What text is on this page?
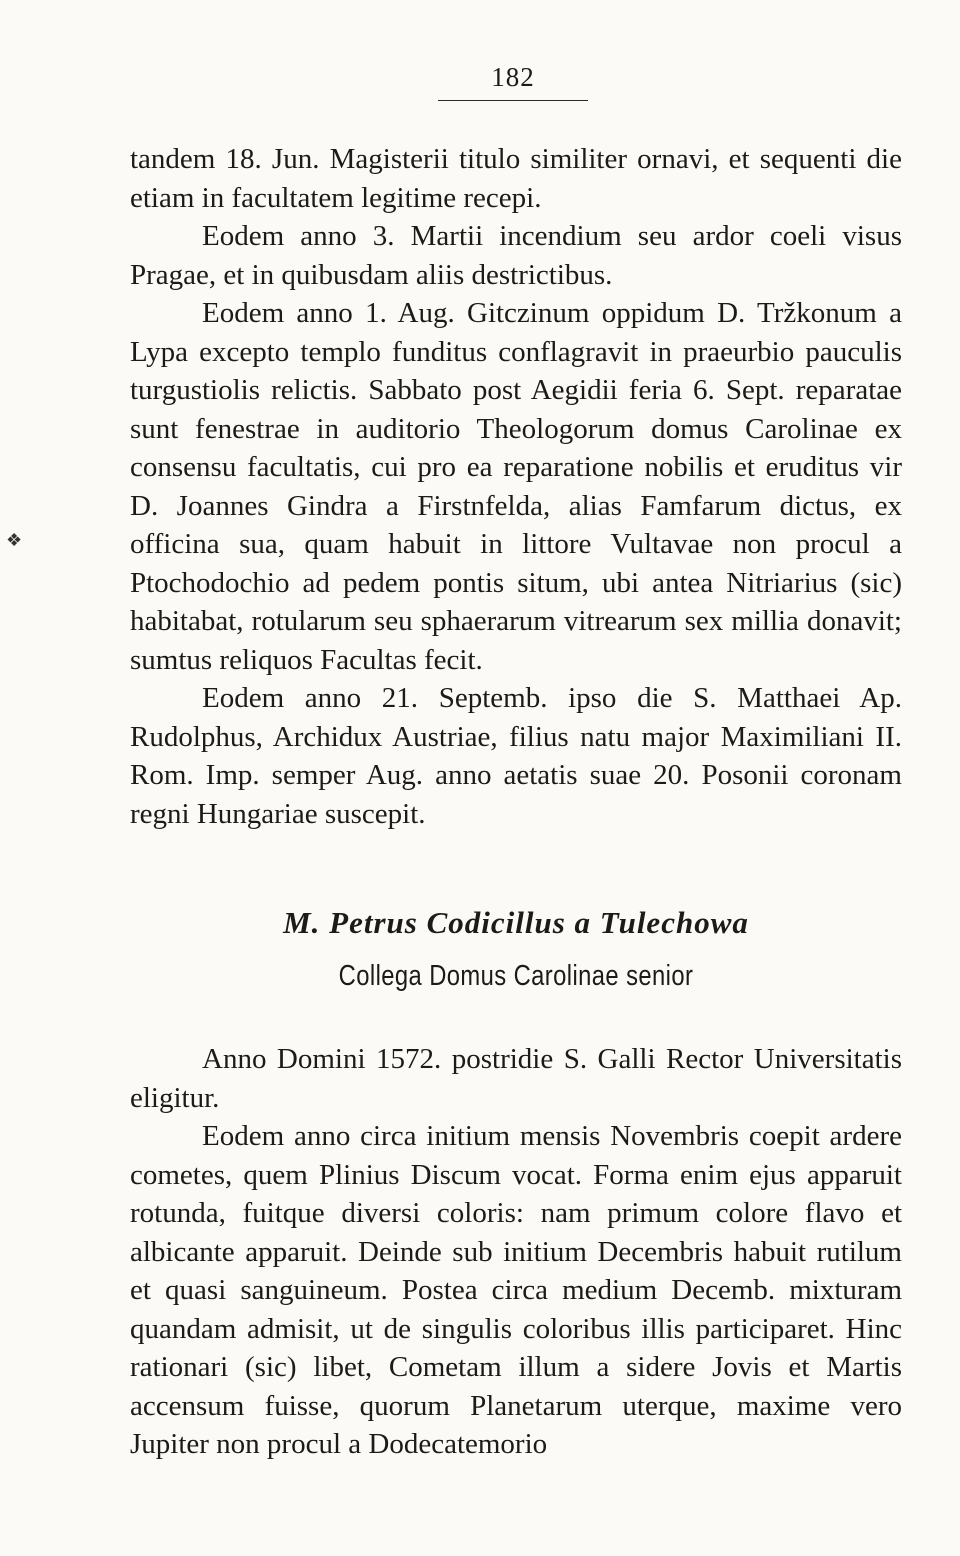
182
❖

tandem 18. Jun. Magisterii titulo similiter ornavi, et sequenti die etiam in facultatem legitime recepi.

Eodem anno 3. Martii incendium seu ardor coeli visus Pragae, et in quibusdam aliis destrictibus.

Eodem anno 1. Aug. Gitczinum oppidum D. Tržkonum a Lypa excepto templo funditus conflagravit in praeurbio pauculis turgustiolis relictis. Sabbato post Aegidii feria 6. Sept. reparatae sunt fenestrae in auditorio Theologorum domus Carolinae ex consensu facultatis, cui pro ea reparatione nobilis et eruditus vir D. Joannes Gindra a Firstnfelda, alias Famfarum dictus, ex officina sua, quam habuit in littore Vultavae non procul a Ptochodochio ad pedem pontis situm, ubi antea Nitriarius (sic) habitabat, rotularum seu sphaerarum vitrearum sex millia donavit; sumtus reliquos Facultas fecit.

Eodem anno 21. Septemb. ipso die S. Matthaei Ap. Rudolphus, Archidux Austriae, filius natu major Maximiliani II. Rom. Imp. semper Aug. anno aetatis suae 20. Posonii coronam regni Hungariae suscepit.

M. Petrus Codicillus a Tulechowa
Collega Domus Carolinae senior

Anno Domini 1572. postridie S. Galli Rector Universitatis eligitur.

Eodem anno circa initium mensis Novembris coepit ardere cometes, quem Plinius Discum vocat. Forma enim ejus apparuit rotunda, fuitque diversi coloris: nam primum colore flavo et albicante apparuit. Deinde sub initium Decembris habuit rutilum et quasi sanguineum. Postea circa medium Decemb. mixturam quandam admisit, ut de singulis coloribus illis participaret. Hinc rationari (sic) libet, Cometam illum a sidere Jovis et Martis accensum fuisse, quorum Planetarum uterque, maxime vero Jupiter non procul a Dodecatemorio
